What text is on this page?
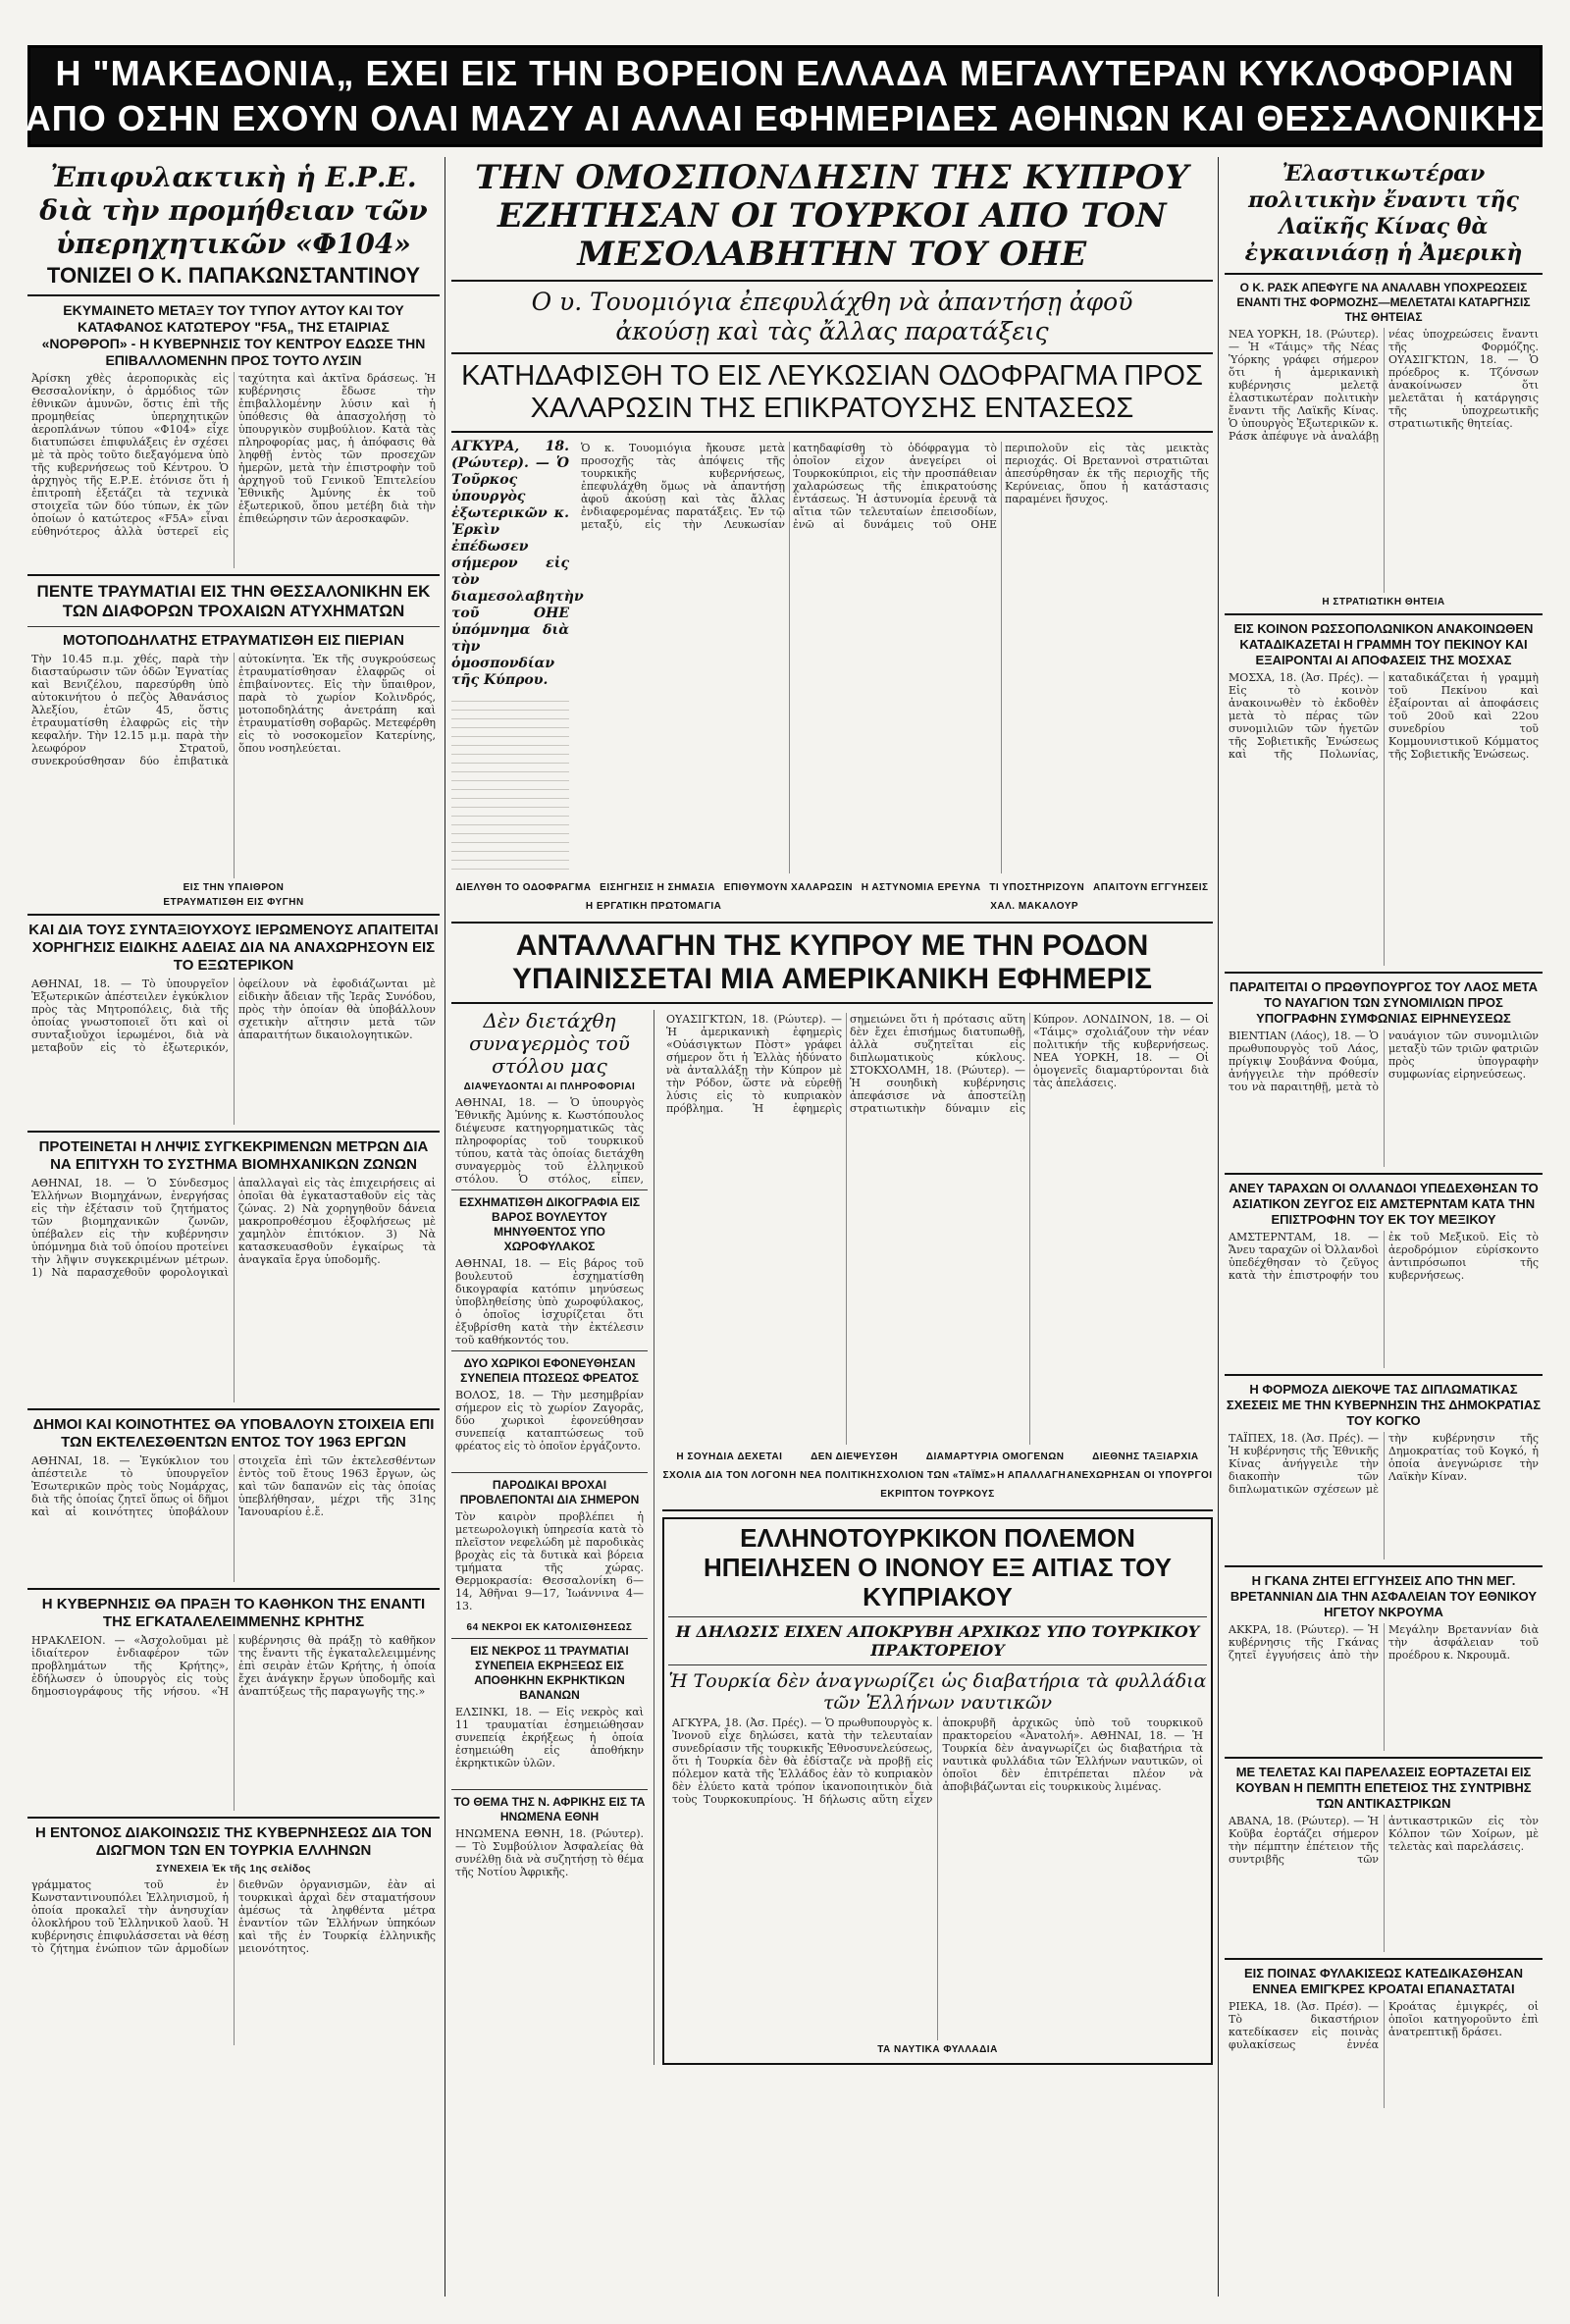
Η "ΜΑΚΕΔΟΝΙΑ„ ΕΧΕΙ ΕΙΣ ΤΗΝ ΒΟΡΕΙΟΝ ΕΛΛΑΔΑ ΜΕΓΑΛΥΤΕΡΑΝ ΚΥΚΛΟΦΟΡΙΑΝ
ΑΠΟ ΟΣΗΝ ΕΧΟΥΝ ΟΛΑΙ ΜΑΖΥ ΑΙ ΑΛΛΑΙ ΕΦΗΜΕΡΙΔΕΣ ΑΘΗΝΩΝ ΚΑΙ ΘΕΣΣΑΛΟΝΙΚΗΣ
Ἐπιφυλακτικὴ ἡ Ε.Ρ.Ε. διὰ τὴν προμήθειαν τῶν ὑπερηχητικῶν «Φ104»
ΤΟΝΙΖΕΙ Ο Κ. ΠΑΠΑΚΩΝΣΤΑΝΤΙΝΟΥ
ΕΚΥΜΑΙΝΕΤΟ ΜΕΤΑΞΥ ΤΟΥ ΤΥΠΟΥ ΑΥΤΟΥ ΚΑΙ ΤΟΥ ΚΑΤΑΦΑΝΟΣ ΚΑΤΩΤΕΡΟΥ "F5A„ ΤΗΣ ΕΤΑΙΡΙΑΣ «ΝΟΡΘΡΟΠ» - Η ΚΥΒΕΡΝΗΣΙΣ ΤΟΥ ΚΕΝΤΡΟΥ ΕΔΩΣΕ ΤΗΝ ΕΠΙΒΑΛΛΟΜΕΝΗΝ ΠΡΟΣ ΤΟΥΤΟ ΛΥΣΙΝ
Ἀρίσκη χθὲς ἀεροπορικὰς εἰς Θεσσαλονίκην, ὁ ἀρμόδιος τῶν ἐθνικῶν ἀμυνῶν, ὅστις ἐπὶ τῆς προμηθείας ὑπερηχητικῶν ἀεροπλάνων τύπου «Φ104» εἶχε διατυπώσει ἐπιφυλάξεις ἐν σχέσει μὲ τὰ πρὸς τοῦτο διεξαγόμενα ὑπὸ τῆς κυβερνήσεως τοῦ Κέντρου. Ὁ ἀρχηγὸς τῆς Ε.Ρ.Ε. ἐτόνισε ὅτι ἡ ἐπιτροπὴ ἐξετάζει τὰ τεχνικὰ στοιχεῖα τῶν δύο τύπων, ἐκ τῶν ὁποίων ὁ κατώτερος «F5A» εἶναι εὐθηνότερος ἀλλὰ ὑστερεῖ εἰς ταχύτητα καὶ ἀκτῖνα δράσεως. Ἡ κυβέρνησις ἔδωσε τὴν ἐπιβαλλομένην λύσιν καὶ ἡ ὑπόθεσις θὰ ἀπασχολήσῃ τὸ ὑπουργικὸν συμβούλιον. Κατὰ τὰς πληροφορίας μας, ἡ ἀπόφασις θὰ ληφθῇ ἐντὸς τῶν προσεχῶν ἡμερῶν, μετὰ τὴν ἐπιστροφὴν τοῦ ἀρχηγοῦ τοῦ Γενικοῦ Ἐπιτελείου Ἐθνικῆς Ἀμύνης ἐκ τοῦ ἐξωτερικοῦ, ὅπου μετέβη διὰ τὴν ἐπιθεώρησιν τῶν ἀεροσκαφῶν.
ΠΕΝΤΕ ΤΡΑΥΜΑΤΙΑΙ ΕΙΣ ΤΗΝ ΘΕΣΣΑΛΟΝΙΚΗΝ ΕΚ ΤΩΝ ΔΙΑΦΟΡΩΝ ΤΡΟΧΑΙΩΝ ΑΤΥΧΗΜΑΤΩΝ
ΜΟΤΟΠΟΔΗΛΑΤΗΣ ΕΤΡΑΥΜΑΤΙΣΘΗ ΕΙΣ ΠΙΕΡΙΑΝ
Τὴν 10.45 π.μ. χθές, παρὰ τὴν διασταύρωσιν τῶν ὁδῶν Ἐγνατίας καὶ Βενιζέλου, παρεσύρθη ὑπὸ αὐτοκινήτου ὁ πεζὸς Ἀθανάσιος Ἀλεξίου, ἐτῶν 45, ὅστις ἐτραυματίσθη ἐλαφρῶς εἰς τὴν κεφαλήν. Τὴν 12.15 μ.μ. παρὰ τὴν λεωφόρον Στρατοῦ, συνεκρούσθησαν δύο ἐπιβατικὰ αὐτοκίνητα. Ἐκ τῆς συγκρούσεως ἐτραυματίσθησαν ἐλαφρῶς οἱ ἐπιβαίνοντες. Εἰς τὴν ὕπαιθρον, παρὰ τὸ χωρίον Κολινδρός, μοτοποδηλάτης ἀνετράπη καὶ ἐτραυματίσθη σοβαρῶς. Μετεφέρθη εἰς τὸ νοσοκομεῖον Κατερίνης, ὅπου νοσηλεύεται.
ΕΙΣ ΤΗΝ ΥΠΑΙΘΡΟΝ
ΕΤΡΑΥΜΑΤΙΣΘΗ ΕΙΣ ΦΥΓΗΝ
ΚΑΙ ΔΙΑ ΤΟΥΣ ΣΥΝΤΑΞΙΟΥΧΟΥΣ ΙΕΡΩΜΕΝΟΥΣ ΑΠΑΙΤΕΙΤΑΙ ΧΟΡΗΓΗΣΙΣ ΕΙΔΙΚΗΣ ΑΔΕΙΑΣ ΔΙΑ ΝΑ ΑΝΑΧΩΡΗΣΟΥΝ ΕΙΣ ΤΟ ΕΞΩΤΕΡΙΚΟΝ
ΑΘΗΝΑΙ, 18. — Τὸ ὑπουργεῖον Ἐξωτερικῶν ἀπέστειλεν ἐγκύκλιον πρὸς τὰς Μητροπόλεις, διὰ τῆς ὁποίας γνωστοποιεῖ ὅτι καὶ οἱ συνταξιοῦχοι ἱερωμένοι, διὰ νὰ μεταβοῦν εἰς τὸ ἐξωτερικόν, ὀφείλουν νὰ ἐφοδιάζωνται μὲ εἰδικὴν ἄδειαν τῆς Ἱερᾶς Συνόδου, πρὸς τὴν ὁποίαν θὰ ὑποβάλλουν σχετικὴν αἴτησιν μετὰ τῶν ἀπαραιτήτων δικαιολογητικῶν.
ΠΡΟΤΕΙΝΕΤΑΙ Η ΛΗΨΙΣ ΣΥΓΚΕΚΡΙΜΕΝΩΝ ΜΕΤΡΩΝ ΔΙΑ ΝΑ ΕΠΙΤΥΧΗ ΤΟ ΣΥΣΤΗΜΑ ΒΙΟΜΗΧΑΝΙΚΩΝ ΖΩΝΩΝ
ΑΘΗΝΑΙ, 18. — Ὁ Σύνδεσμος Ἑλλήνων Βιομηχάνων, ἐνεργήσας εἰς τὴν ἐξέτασιν τοῦ ζητήματος τῶν βιομηχανικῶν ζωνῶν, ὑπέβαλεν εἰς τὴν κυβέρνησιν ὑπόμνημα διὰ τοῦ ὁποίου προτείνει τὴν λῆψιν συγκεκριμένων μέτρων. 1) Νὰ παρασχεθοῦν φορολογικαὶ ἀπαλλαγαὶ εἰς τὰς ἐπιχειρήσεις αἱ ὁποῖαι θὰ ἐγκατασταθοῦν εἰς τὰς ζώνας. 2) Νὰ χορηγηθοῦν δάνεια μακροπροθέσμου ἐξοφλήσεως μὲ χαμηλὸν ἐπιτόκιον. 3) Νὰ κατασκευασθοῦν ἐγκαίρως τὰ ἀναγκαῖα ἔργα ὑποδομῆς.
ΔΗΜΟΙ ΚΑΙ ΚΟΙΝΟΤΗΤΕΣ ΘΑ ΥΠΟΒΑΛΟΥΝ ΣΤΟΙΧΕΙΑ ΕΠΙ ΤΩΝ ΕΚΤΕΛΕΣΘΕΝΤΩΝ ΕΝΤΟΣ ΤΟΥ 1963 ΕΡΓΩΝ
ΑΘΗΝΑΙ, 18. — Ἐγκύκλιον του ἀπέστειλε τὸ ὑπουργεῖον Ἐσωτερικῶν πρὸς τοὺς Νομάρχας, διὰ τῆς ὁποίας ζητεῖ ὅπως οἱ δῆμοι καὶ αἱ κοινότητες ὑποβάλουν στοιχεῖα ἐπὶ τῶν ἐκτελεσθέντων ἐντὸς τοῦ ἔτους 1963 ἔργων, ὡς καὶ τῶν δαπανῶν εἰς τὰς ὁποίας ὑπεβλήθησαν, μέχρι τῆς 31ης Ἰανουαρίου ἐ.ἔ.
Η ΚΥΒΕΡΝΗΣΙΣ ΘΑ ΠΡΑΞΗ ΤΟ ΚΑΘΗΚΟΝ ΤΗΣ ΕΝΑΝΤΙ ΤΗΣ ΕΓΚΑΤΑΛΕΛΕΙΜΜΕΝΗΣ ΚΡΗΤΗΣ
ΗΡΑΚΛΕΙΟΝ. — «Ἀσχολοῦμαι μὲ ἰδιαίτερον ἐνδιαφέρον τῶν προβλημάτων τῆς Κρήτης», ἐδήλωσεν ὁ ὑπουργὸς εἰς τοὺς δημοσιογράφους τῆς νήσου. «Ἡ κυβέρνησις θὰ πράξῃ τὸ καθῆκον της ἔναντι τῆς ἐγκαταλελειμμένης ἐπὶ σειρὰν ἐτῶν Κρήτης, ἡ ὁποία ἔχει ἀνάγκην ἔργων ὑποδομῆς καὶ ἀναπτύξεως τῆς παραγωγῆς της.»
Η ΕΝΤΟΝΟΣ ΔΙΑΚΟΙΝΩΣΙΣ ΤΗΣ ΚΥΒΕΡΝΗΣΕΩΣ ΔΙΑ ΤΟΝ ΔΙΩΓΜΟΝ ΤΩΝ ΕΝ ΤΟΥΡΚΙΑ ΕΛΛΗΝΩΝ
ΣΥΝΕΧΕΙΑ Ἐκ τῆς 1ης σελίδος
γράμματος τοῦ ἐν Κωνσταντινουπόλει Ἑλληνισμοῦ, ἡ ὁποία προκαλεῖ τὴν ἀνησυχίαν ὁλοκλήρου τοῦ Ἑλληνικοῦ λαοῦ. Ἡ κυβέρνησις ἐπιφυλάσσεται νὰ θέσῃ τὸ ζήτημα ἐνώπιον τῶν ἁρμοδίων διεθνῶν ὀργανισμῶν, ἐὰν αἱ τουρκικαὶ ἀρχαὶ δὲν σταματήσουν ἀμέσως τὰ ληφθέντα μέτρα ἐναντίον τῶν Ἑλλήνων ὑπηκόων καὶ τῆς ἐν Τουρκίᾳ ἑλληνικῆς μειονότητος.
ΤΗΝ ΟΜΟΣΠΟΝΔΗΣΙΝ ΤΗΣ ΚΥΠΡΟΥ ΕΖΗΤΗΣΑΝ ΟΙ ΤΟΥΡΚΟΙ ΑΠΟ ΤΟΝ ΜΕΣΟΛΑΒΗΤΗΝ ΤΟΥ ΟΗΕ
Ο υ. Τουομιόγια ἐπεφυλάχθη νὰ ἀπαντήσῃ ἀφοῦ ἀκούσῃ καὶ τὰς ἄλλας παρατάξεις
ΚΑΤΗΔΑΦΙΣΘΗ ΤΟ ΕΙΣ ΛΕΥΚΩΣΙΑΝ ΟΔΟΦΡΑΓΜΑ ΠΡΟΣ ΧΑΛΑΡΩΣΙΝ ΤΗΣ ΕΠΙΚΡΑΤΟΥΣΗΣ ΕΝΤΑΣΕΩΣ
ΑΓΚΥΡΑ, 18. (Ρώυτερ). — Ὁ Τοῦρκος ὑπουργὸς ἐξωτερικῶν κ. Ἐρκὶν ἐπέδωσεν σήμερον εἰς τὸν διαμεσολαβητὴν τοῦ ΟΗΕ ὑπόμνημα διὰ τὴν ὁμοσπονδίαν τῆς Κύπρου.
Ὁ κ. Τουομιόγια ἤκουσε μετὰ προσοχῆς τὰς ἀπόψεις τῆς τουρκικῆς κυβερνήσεως, ἐπεφυλάχθη ὅμως νὰ ἀπαντήσῃ ἀφοῦ ἀκούσῃ καὶ τὰς ἄλλας ἐνδιαφερομένας παρατάξεις. Ἐν τῷ μεταξύ, εἰς τὴν Λευκωσίαν κατηδαφίσθη τὸ ὁδόφραγμα τὸ ὁποῖον εἶχον ἀνεγείρει οἱ Τουρκοκύπριοι, εἰς τὴν προσπάθειαν χαλαρώσεως τῆς ἐπικρατούσης ἐντάσεως. Ἡ ἀστυνομία ἐρευνᾷ τὰ αἴτια τῶν τελευταίων ἐπεισοδίων, ἐνῶ αἱ δυνάμεις τοῦ ΟΗΕ περιπολοῦν εἰς τὰς μεικτὰς περιοχάς. Οἱ Βρεταννοὶ στρατιῶται ἀπεσύρθησαν ἐκ τῆς περιοχῆς τῆς Κερύνειας, ὅπου ἡ κατάστασις παραμένει ἥσυχος.
ΔΙΕΛΥΘΗ ΤΟ ΟΔΟΦΡΑΓΜΑ ΕΙΣΗΓΗΣΙΣ Η ΣΗΜΑΣΙΑ ΕΠΙΘΥΜΟΥΝ ΧΑΛΑΡΩΣΙΝ Η ΑΣΤΥΝΟΜΙΑ ΕΡΕΥΝΑ ΤΙ ΥΠΟΣΤΗΡΙΖΟΥΝ ΑΠΑΙΤΟΥΝ ΕΓΓΥΗΣΕΙΣ
Η ΕΡΓΑΤΙΚΗ ΠΡΩΤΟΜΑΓΙΑ	ΧΑΛ. ΜΑΚΑΛΟΥΡ
ΑΝΤΑΛΛΑΓΗΝ ΤΗΣ ΚΥΠΡΟΥ ΜΕ ΤΗΝ ΡΟΔΟΝ ΥΠΑΙΝΙΣΣΕΤΑΙ ΜΙΑ ΑΜΕΡΙΚΑΝΙΚΗ ΕΦΗΜΕΡΙΣ
Δὲν διετάχθη συναγερμὸς τοῦ στόλου μας
ΔΙΑΨΕΥΔΟΝΤΑΙ ΑΙ ΠΛΗΡΟΦΟΡΙΑΙ
ΑΘΗΝΑΙ, 18. — Ὁ ὑπουργὸς Ἐθνικῆς Ἀμύνης κ. Κωστόπουλος διέψευσε κατηγορηματικῶς τὰς πληροφορίας τοῦ τουρκικοῦ τύπου, κατὰ τὰς ὁποίας διετάχθη συναγερμὸς τοῦ ἑλληνικοῦ στόλου. Ὁ στόλος, εἶπεν,
ΕΣΧΗΜΑΤΙΣΘΗ ΔΙΚΟΓΡΑΦΙΑ ΕΙΣ ΒΑΡΟΣ ΒΟΥΛΕΥΤΟΥ ΜΗΝΥΘΕΝΤΟΣ ΥΠΟ ΧΩΡΟΦΥΛΑΚΟΣ
ΑΘΗΝΑΙ, 18. — Εἰς βάρος τοῦ βουλευτοῦ ἐσχηματίσθη δικογραφία κατόπιν μηνύσεως ὑποβληθείσης ὑπὸ χωροφύλακος, ὁ ὁποῖος ἰσχυρίζεται ὅτι ἐξυβρίσθη κατὰ τὴν ἐκτέλεσιν τοῦ καθήκοντός του.
ΔΥΟ ΧΩΡΙΚΟΙ ΕΦΟΝΕΥΘΗΣΑΝ ΣΥΝΕΠΕΙΑ ΠΤΩΣΕΩΣ ΦΡΕΑΤΟΣ
ΒΟΛΟΣ, 18. — Τὴν μεσημβρίαν σήμερον εἰς τὸ χωρίον Ζαγορᾶς, δύο χωρικοὶ ἐφονεύθησαν συνεπείᾳ καταπτώσεως τοῦ φρέατος εἰς τὸ ὁποῖον ἐργάζοντο.
ΠΑΡΟΔΙΚΑΙ ΒΡΟΧΑΙ ΠΡΟΒΛΕΠΟΝΤΑΙ ΔΙΑ ΣΗΜΕΡΟΝ
Τὸν καιρὸν προβλέπει ἡ μετεωρολογικὴ ὑπηρεσία κατὰ τὸ πλεῖστον νεφελώδη μὲ παροδικὰς βροχὰς εἰς τὰ δυτικὰ καὶ βόρεια τμήματα τῆς χώρας. Θερμοκρασία: Θεσσαλονίκη 6—14, Ἀθῆναι 9—17, Ἰωάννινα 4—13.
64 ΝΕΚΡΟΙ ΕΚ ΚΑΤΟΛΙΣΘΗΣΕΩΣ
ΕΙΣ ΝΕΚΡΟΣ 11 ΤΡΑΥΜΑΤΙΑΙ ΣΥΝΕΠΕΙΑ ΕΚΡΗΞΕΩΣ ΕΙΣ ΑΠΟΘΗΚΗΝ ΕΚΡΗΚΤΙΚΩΝ ΒΑΝΑΝΩΝ
ΕΛΣΙΝΚΙ, 18. — Εἷς νεκρὸς καὶ 11 τραυματίαι ἐσημειώθησαν συνεπείᾳ ἐκρήξεως ἡ ὁποία ἐσημειώθη εἰς ἀποθήκην ἐκρηκτικῶν ὑλῶν.
ΤΟ ΘΕΜΑ ΤΗΣ Ν. ΑΦΡΙΚΗΣ ΕΙΣ ΤΑ ΗΝΩΜΕΝΑ ΕΘΝΗ
ΗΝΩΜΕΝΑ ΕΘΝΗ, 18. (Ρώυτερ). — Τὸ Συμβούλιον Ἀσφαλείας θὰ συνέλθῃ διὰ νὰ συζητήσῃ τὸ θέμα τῆς Νοτίου Ἀφρικῆς.
ΟΥΑΣΙΓΚΤΩΝ, 18. (Ρώυτερ). — Ἡ ἀμερικανικὴ ἐφημερὶς «Οὐάσιγκτων Πὸστ» γράφει σήμερον ὅτι ἡ Ἑλλὰς ἠδύνατο νὰ ἀνταλλάξῃ τὴν Κύπρον μὲ τὴν Ρόδον, ὥστε νὰ εὑρεθῇ λύσις εἰς τὸ κυπριακὸν πρόβλημα. Ἡ ἐφημερὶς σημειώνει ὅτι ἡ πρότασις αὕτη δὲν ἔχει ἐπισήμως διατυπωθῇ, ἀλλὰ συζητεῖται εἰς διπλωματικοὺς κύκλους. ΣΤΟΚΧΟΛΜΗ, 18. (Ρώυτερ). — Ἡ σουηδικὴ κυβέρνησις ἀπεφάσισε νὰ ἀποστείλῃ στρατιωτικὴν δύναμιν εἰς Κύπρον. ΛΟΝΔΙΝΟΝ, 18. — Οἱ «Τάιμς» σχολιάζουν τὴν νέαν πολιτικήν τῆς κυβερνήσεως. ΝΕΑ ΥΟΡΚΗ, 18. — Οἱ ὁμογενεῖς διαμαρτύρονται διὰ τὰς ἀπελάσεις.
Η ΣΟΥΗΔΙΑ ΔΕΧΕΤΑΙ	ΔΕΝ ΔΙΕΨΕΥΣΘΗ	ΔΙΑΜΑΡΤΥΡΙΑ ΟΜΟΓΕΝΩΝ	ΔΙΕΘΝΗΣ ΤΑΞΙΑΡΧΙΑ
ΣΧΟΛΙΑ ΔΙΑ ΤΟΝ ΛΟΓΟΝ Η ΝΕΑ ΠΟΛΙΤΙΚΗ ΣΧΟΛΙΟΝ ΤΩΝ «ΤΑΪΜΣ» Η ΑΠΑΛΛΑΓΗ ΑΝΕΧΩΡΗΣΑΝ ΟΙ ΥΠΟΥΡΓΟΙ
ΕΚΡΙΠΤΟΝ ΤΟΥΡΚΟΥΣ
ΕΛΛΗΝΟΤΟΥΡΚΙΚΟΝ ΠΟΛΕΜΟΝ ΗΠΕΙΛΗΣΕΝ Ο ΙΝΟΝΟΥ ΕΞ ΑΙΤΙΑΣ ΤΟΥ ΚΥΠΡΙΑΚΟΥ
Η ΔΗΛΩΣΙΣ ΕΙΧΕΝ ΑΠΟΚΡΥΒΗ ΑΡΧΙΚΩΣ ΥΠΟ ΤΟΥΡΚΙΚΟΥ ΠΡΑΚΤΟΡΕΙΟΥ
Ἡ Τουρκία δὲν ἀναγνωρίζει ὡς διαβατήρια τὰ φυλλάδια τῶν Ἑλλήνων ναυτικῶν
ΑΓΚΥΡΑ, 18. (Ἀσ. Πρές). — Ὁ πρωθυπουργὸς κ. Ἰνονοῦ εἶχε δηλώσει, κατὰ τὴν τελευταίαν συνεδρίασιν τῆς τουρκικῆς Ἐθνοσυνελεύσεως, ὅτι ἡ Τουρκία δὲν θὰ ἐδίσταζε νὰ προβῇ εἰς πόλεμον κατὰ τῆς Ἑλλάδος ἐὰν τὸ κυπριακὸν δὲν ἐλύετο κατὰ τρόπον ἱκανοποιητικὸν διὰ τοὺς Τουρκοκυπρίους. Ἡ δήλωσις αὕτη εἶχεν ἀποκρυβῆ ἀρχικῶς ὑπὸ τοῦ τουρκικοῦ πρακτορείου «Ἀνατολή». ΑΘΗΝΑΙ, 18. — Ἡ Τουρκία δὲν ἀναγνωρίζει ὡς διαβατήρια τὰ ναυτικὰ φυλλάδια τῶν Ἑλλήνων ναυτικῶν, οἱ ὁποῖοι δὲν ἐπιτρέπεται πλέον νὰ ἀποβιβάζωνται εἰς τουρκικοὺς λιμένας.
ΤΑ ΝΑΥΤΙΚΑ ΦΥΛΛΑΔΙΑ
Ἐλαστικωτέραν πολιτικὴν ἔναντι τῆς Λαϊκῆς Κίνας θὰ ἐγκαινιάσῃ ἡ Ἀμερικὴ
Ο Κ. ΡΑΣΚ ΑΠΕΦΥΓΕ ΝΑ ΑΝΑΛΑΒΗ ΥΠΟΧΡΕΩΣΕΙΣ ΕΝΑΝΤΙ ΤΗΣ ΦΟΡΜΟΖΗΣ—ΜΕΛΕΤΑΤΑΙ ΚΑΤΑΡΓΗΣΙΣ ΤΗΣ ΘΗΤΕΙΑΣ
ΝΕΑ ΥΟΡΚΗ, 18. (Ρώυτερ). — Ἡ «Τάιμς» τῆς Νέας Ὑόρκης γράφει σήμερον ὅτι ἡ ἀμερικανικὴ κυβέρνησις μελετᾷ ἐλαστικωτέραν πολιτικὴν ἔναντι τῆς Λαϊκῆς Κίνας. Ὁ ὑπουργὸς Ἐξωτερικῶν κ. Ράσκ ἀπέφυγε νὰ ἀναλάβῃ νέας ὑποχρεώσεις ἔναντι τῆς Φορμόζης. ΟΥΑΣΙΓΚΤΩΝ, 18. — Ὁ πρόεδρος κ. Τζόνσων ἀνακοίνωσεν ὅτι μελετᾶται ἡ κατάργησις τῆς ὑποχρεωτικῆς στρατιωτικῆς θητείας.
Η ΣΤΡΑΤΙΩΤΙΚΗ ΘΗΤΕΙΑ
ΕΙΣ ΚΟΙΝΟΝ ΡΩΣΣΟΠΟΛΩΝΙΚΟΝ ΑΝΑΚΟΙΝΩΘΕΝ ΚΑΤΑΔΙΚΑΖΕΤΑΙ Η ΓΡΑΜΜΗ ΤΟΥ ΠΕΚΙΝΟΥ ΚΑΙ ΕΞΑΙΡΟΝΤΑΙ ΑΙ ΑΠΟΦΑΣΕΙΣ ΤΗΣ ΜΟΣΧΑΣ
ΜΟΣΧΑ, 18. (Ἀσ. Πρές). — Εἰς τὸ κοινὸν ἀνακοινωθὲν τὸ ἐκδοθὲν μετὰ τὸ πέρας τῶν συνομιλιῶν τῶν ἡγετῶν τῆς Σοβιετικῆς Ἑνώσεως καὶ τῆς Πολωνίας, καταδικάζεται ἡ γραμμὴ τοῦ Πεκίνου καὶ ἐξαίρονται αἱ ἀποφάσεις τοῦ 20οῦ καὶ 22ου συνεδρίου τοῦ Κομμουνιστικοῦ Κόμματος τῆς Σοβιετικῆς Ἑνώσεως.
ΠΑΡΑΙΤΕΙΤΑΙ Ο ΠΡΩΘΥΠΟΥΡΓΟΣ ΤΟΥ ΛΑΟΣ ΜΕΤΑ ΤΟ ΝΑΥΑΓΙΟΝ ΤΩΝ ΣΥΝΟΜΙΛΙΩΝ ΠΡΟΣ ΥΠΟΓΡΑΦΗΝ ΣΥΜΦΩΝΙΑΣ ΕΙΡΗΝΕΥΣΕΩΣ
ΒΙΕΝΤΙΑΝ (Λάος), 18. — Ὁ πρωθυπουργὸς τοῦ Λάος, πρίγκιψ Σουβάννα Φούμα, ἀνήγγειλε τὴν πρόθεσίν του νὰ παραιτηθῇ, μετὰ τὸ ναυάγιον τῶν συνομιλιῶν μεταξὺ τῶν τριῶν φατριῶν πρὸς ὑπογραφὴν συμφωνίας εἰρηνεύσεως.
ΑΝΕΥ ΤΑΡΑΧΩΝ ΟΙ ΟΛΛΑΝΔΟΙ ΥΠΕΔΕΧΘΗΣΑΝ ΤΟ ΑΣΙΑΤΙΚΟΝ ΖΕΥΓΟΣ ΕΙΣ ΑΜΣΤΕΡΝΤΑΜ ΚΑΤΑ ΤΗΝ ΕΠΙΣΤΡΟΦΗΝ ΤΟΥ ΕΚ ΤΟΥ ΜΕΞΙΚΟΥ
ΑΜΣΤΕΡΝΤΑΜ, 18. — Ἄνευ ταραχῶν οἱ Ὀλλανδοὶ ὑπεδέχθησαν τὸ ζεῦγος κατὰ τὴν ἐπιστροφήν του ἐκ τοῦ Μεξικοῦ. Εἰς τὸ ἀεροδρόμιον εὑρίσκοντο ἀντιπρόσωποι τῆς κυβερνήσεως.
Η ΦΟΡΜΟΖΑ ΔΙΕΚΟΨΕ ΤΑΣ ΔΙΠΛΩΜΑΤΙΚΑΣ ΣΧΕΣΕΙΣ ΜΕ ΤΗΝ ΚΥΒΕΡΝΗΣΙΝ ΤΗΣ ΔΗΜΟΚΡΑΤΙΑΣ ΤΟΥ ΚΟΓΚΟ
ΤΑΪΠΕΧ, 18. (Ἀσ. Πρές). — Ἡ κυβέρνησις τῆς Ἐθνικῆς Κίνας ἀνήγγειλε τὴν διακοπὴν τῶν διπλωματικῶν σχέσεων μὲ τὴν κυβέρνησιν τῆς Δημοκρατίας τοῦ Κογκό, ἡ ὁποία ἀνεγνώρισε τὴν Λαϊκὴν Κίναν.
Η ΓΚΑΝΑ ΖΗΤΕΙ ΕΓΓΥΗΣΕΙΣ ΑΠΟ ΤΗΝ ΜΕΓ. ΒΡΕΤΑΝΝΙΑΝ ΔΙΑ ΤΗΝ ΑΣΦΑΛΕΙΑΝ ΤΟΥ ΕΘΝΙΚΟΥ ΗΓΕΤΟΥ ΝΚΡΟΥΜΑ
ΑΚΚΡΑ, 18. (Ρώυτερ). — Ἡ κυβέρνησις τῆς Γκάνας ζητεῖ ἐγγυήσεις ἀπὸ τὴν Μεγάλην Βρεταννίαν διὰ τὴν ἀσφάλειαν τοῦ προέδρου κ. Νκρουμᾶ.
ΜΕ ΤΕΛΕΤΑΣ ΚΑΙ ΠΑΡΕΛΑΣΕΙΣ ΕΟΡΤΑΖΕΤΑΙ ΕΙΣ ΚΟΥΒΑΝ Η ΠΕΜΠΤΗ ΕΠΕΤΕΙΟΣ ΤΗΣ ΣΥΝΤΡΙΒΗΣ ΤΩΝ ΑΝΤΙΚΑΣΤΡΙΚΩΝ
ΑΒΑΝΑ, 18. (Ρώυτερ). — Ἡ Κοῦβα ἑορτάζει σήμερον τὴν πέμπτην ἐπέτειον τῆς συντριβῆς τῶν ἀντικαστρικῶν εἰς τὸν Κόλπον τῶν Χοίρων, μὲ τελετὰς καὶ παρελάσεις.
ΕΙΣ ΠΟΙΝΑΣ ΦΥΛΑΚΙΣΕΩΣ ΚΑΤΕΔΙΚΑΣΘΗΣΑΝ ΕΝΝΕΑ ΕΜΙΓΚΡΕΣ ΚΡΟΑΤΑΙ ΕΠΑΝΑΣΤΑΤΑΙ
ΡΙΕΚΑ, 18. (Ἀσ. Πρέσ). — Τὸ δικαστήριον κατεδίκασεν εἰς ποινὰς φυλακίσεως ἐννέα Κροάτας ἐμιγκρές, οἱ ὁποῖοι κατηγοροῦντο ἐπὶ ἀνατρεπτικῇ δράσει.
